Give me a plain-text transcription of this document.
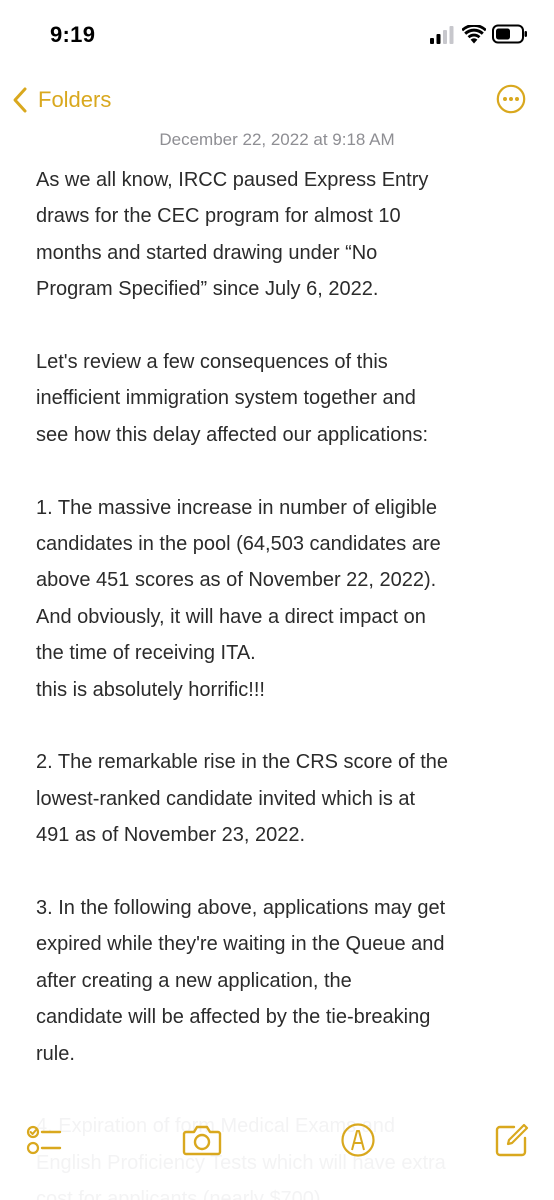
9:19
Folders
December 22, 2022 at 9:18 AM
As we all know, IRCC paused Express Entry
draws for the CEC program for almost 10
months and started drawing under “No
Program Specified” since July 6, 2022.
Let's review a few consequences of this
inefficient immigration system together and
see how this delay affected our applications:
1. The massive increase in number of eligible
candidates in the pool (64,503 candidates are
above 451 scores as of November 22, 2022).
And obviously, it will have a direct impact on
the time of receiving ITA.
this is absolutely horrific!!!
2. The remarkable rise in the CRS score of the
lowest-ranked candidate invited which is at
491 as of November 23, 2022.
3. In the following above, applications may get
expired while they're waiting in the Queue and
after creating a new application, the
candidate will be affected by the tie-breaking
rule.
